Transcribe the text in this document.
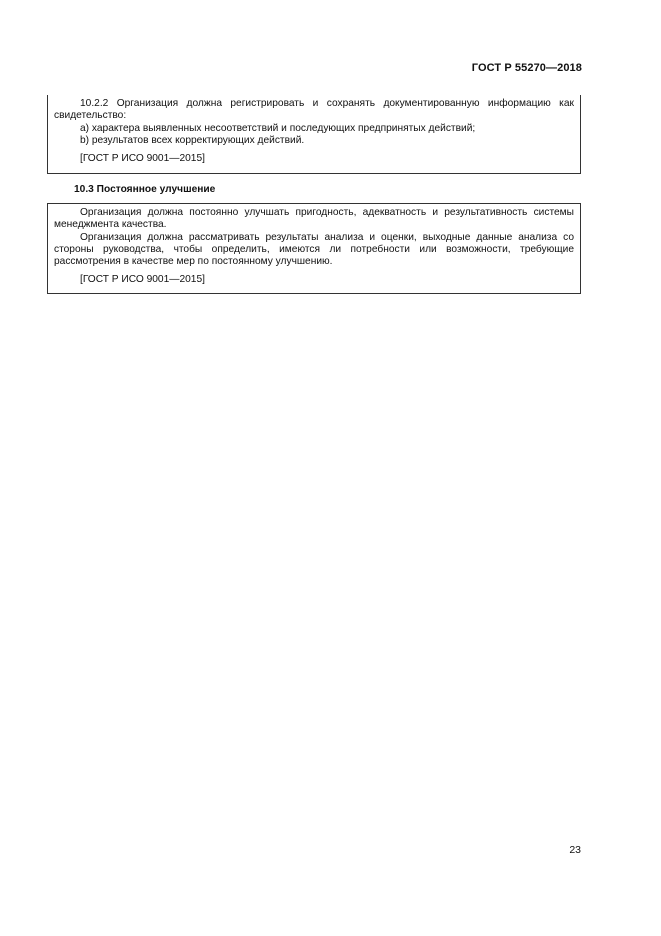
ГОСТ Р 55270—2018

10.2.2 Организация должна регистрировать и сохранять документированную информацию как свидетельство:

a) характера выявленных несоответствий и последующих предпринятых действий;

b) результатов всех корректирующих действий.

[ГОСТ Р ИСО 9001—2015]

10.3 Постоянное улучшение

Организация должна постоянно улучшать пригодность, адекватность и результативность системы менеджмента качества.

Организация должна рассматривать результаты анализа и оценки, выходные данные анализа со стороны руководства, чтобы определить, имеются ли потребности или возможности, требующие рассмотрения в качестве мер по постоянному улучшению.

[ГОСТ Р ИСО 9001—2015]

23
